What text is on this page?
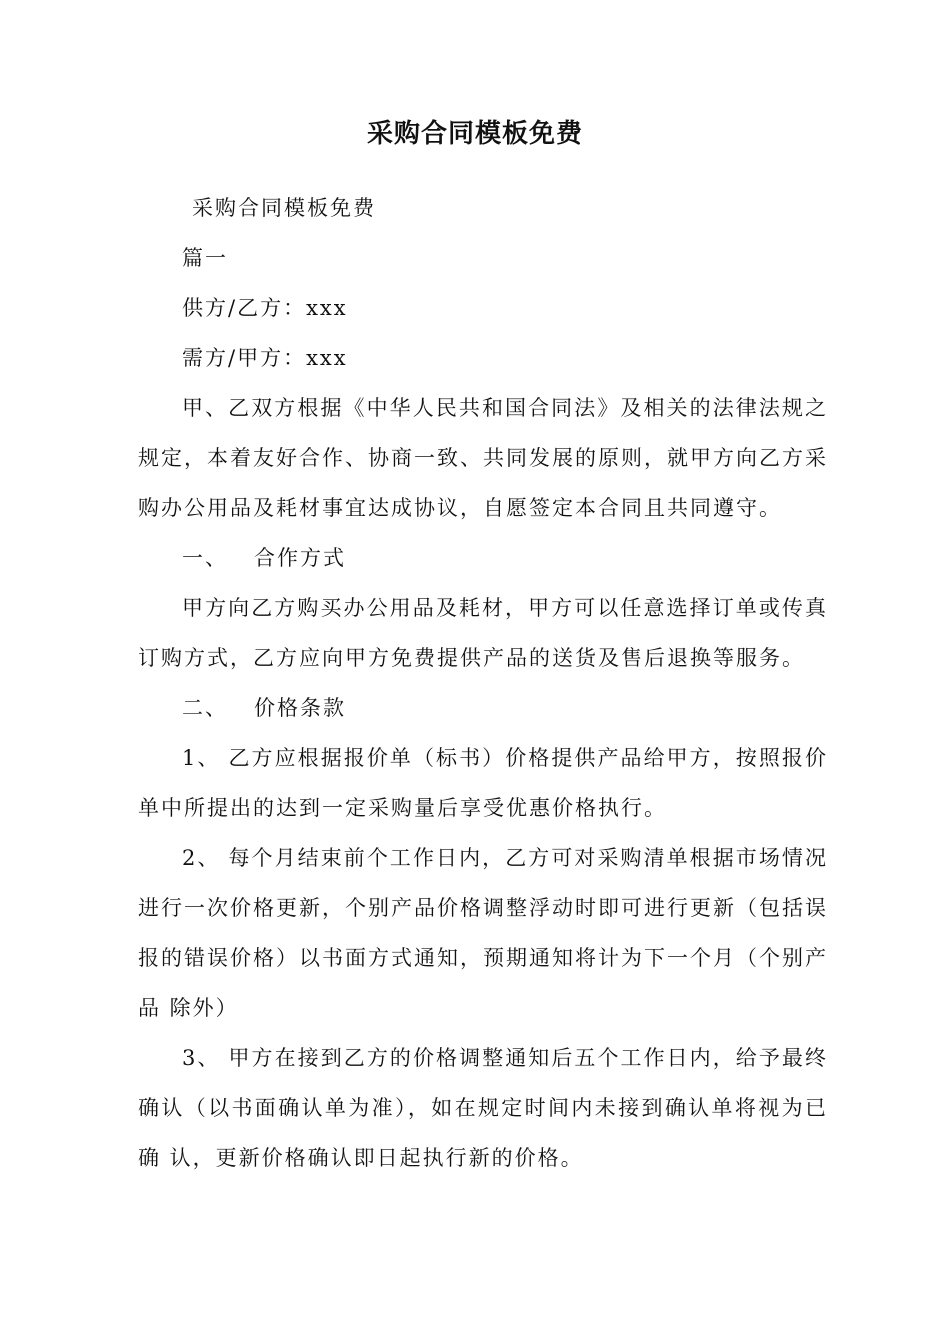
采购合同模板免费

采购合同模板免费

篇一

供方/乙方：xxx

需方/甲方：xxx

甲、乙双方根据《中华人民共和国合同法》及相关的法律法规之规定，本着友好合作、协商一致、共同发展的原则，就甲方向乙方采购办公用品及耗材事宜达成协议，自愿签定本合同且共同遵守。

一、 合作方式

甲方向乙方购买办公用品及耗材，甲方可以任意选择订单或传真订购方式，乙方应向甲方免费提供产品的送货及售后退换等服务。

二、 价格条款

1、 乙方应根据报价单（标书）价格提供产品给甲方，按照报价单中所提出的达到一定采购量后享受优惠价格执行。

2、 每个月结束前个工作日内，乙方可对采购清单根据市场情况进行一次价格更新，个别产品价格调整浮动时即可进行更新（包括误报的错误价格）以书面方式通知，预期通知将计为下一个月（个别产品 除外）

3、 甲方在接到乙方的价格调整通知后五个工作日内，给予最终确认（以书面确认单为准），如在规定时间内未接到确认单将视为已确 认，更新价格确认即日起执行新的价格。
